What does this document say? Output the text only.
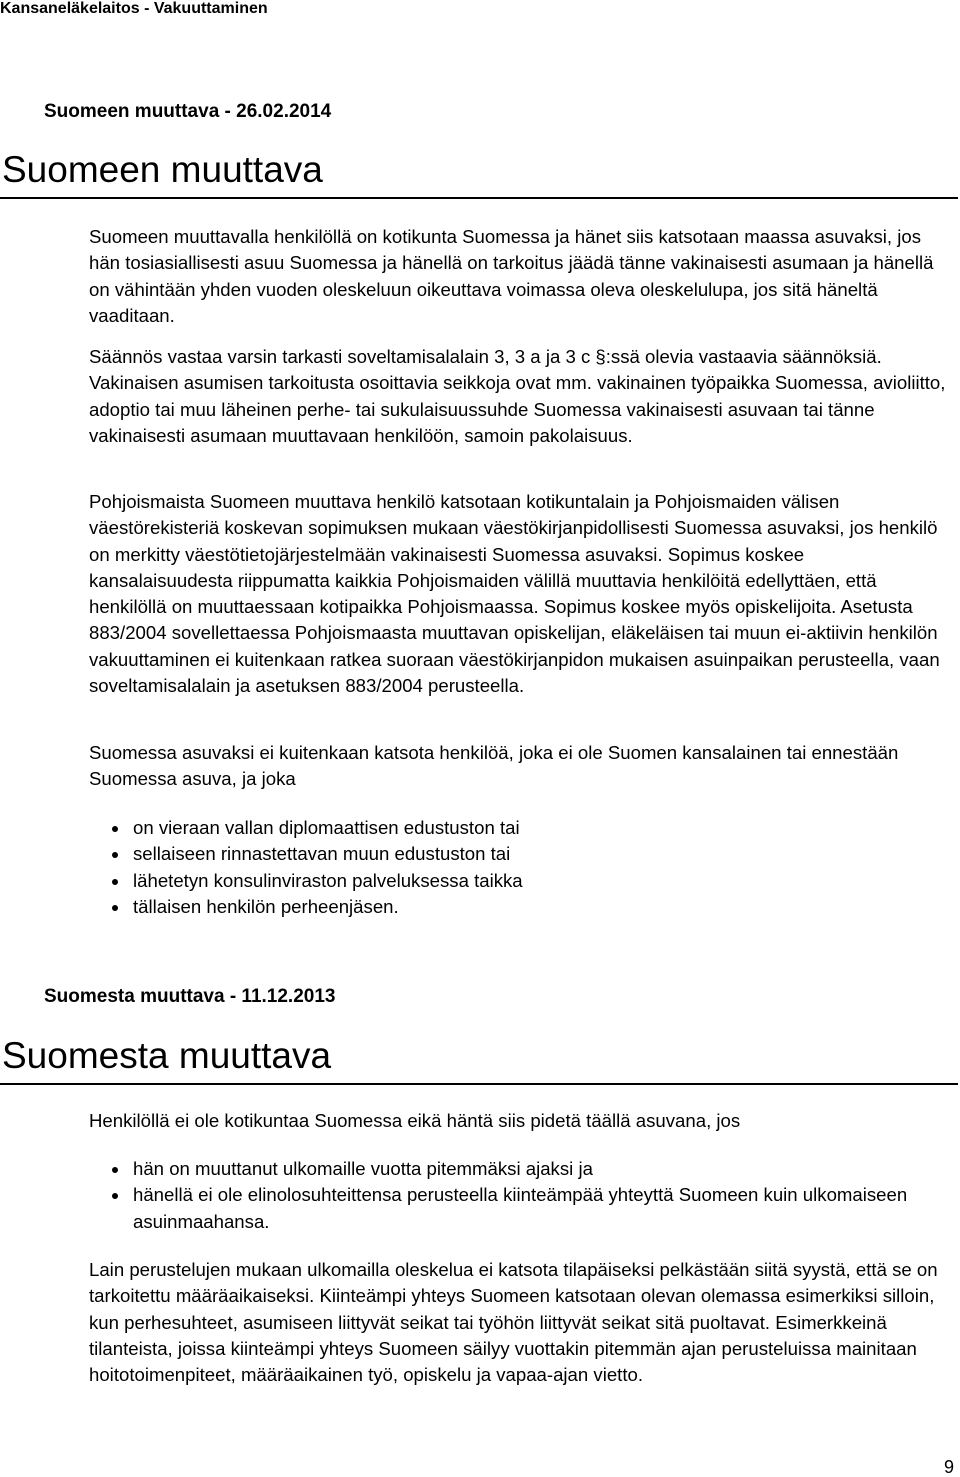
Kansaneläkelaitos - Vakuuttaminen
Suomeen muuttava - 26.02.2014
Suomeen muuttava

Suomeen muuttavalla henkilöllä on kotikunta Suomessa ja hänet siis katsotaan maassa asuvaksi, jos hän tosiasiallisesti asuu Suomessa ja hänellä on tarkoitus jäädä tänne vakinaisesti asumaan ja hänellä on vähintään yhden vuoden oleskeluun oikeuttava voimassa oleva oleskelulupa, jos sitä häneltä vaaditaan.

Säännös vastaa varsin tarkasti soveltamisalalain 3, 3 a ja 3 c §:ssä olevia vastaavia säännöksiä. Vakinaisen asumisen tarkoitusta osoittavia seikkoja ovat mm. vakinainen työpaikka Suomessa, avioliitto, adoptio tai muu läheinen perhe- tai sukulaisuussuhde Suomessa vakinaisesti asuvaan tai tänne vakinaisesti asumaan muuttavaan henkilöön, samoin pakolaisuus.

Pohjoismaista Suomeen muuttava henkilö katsotaan kotikuntalain ja Pohjoismaiden välisen väestörekisteriä koskevan sopimuksen mukaan väestökirjanpidollisesti Suomessa asuvaksi, jos henkilö on merkitty väestötietojärjestelmään vakinaisesti Suomessa asuvaksi. Sopimus koskee kansalaisuudesta riippumatta kaikkia Pohjoismaiden välillä muuttavia henkilöitä edellyttäen, että henkilöllä on muuttaessaan kotipaikka Pohjoismaassa. Sopimus koskee myös opiskelijoita. Asetusta 883/2004 sovellettaessa Pohjoismaasta muuttavan opiskelijan, eläkeläisen tai muun ei-aktiivin henkilön vakuuttaminen ei kuitenkaan ratkea suoraan väestökirjanpidon mukaisen asuinpaikan perusteella, vaan soveltamisalalain ja asetuksen 883/2004 perusteella.

Suomessa asuvaksi ei kuitenkaan katsota henkilöä, joka ei ole Suomen kansalainen tai ennestään Suomessa asuva, ja joka

on vieraan vallan diplomaattisen edustuston tai
sellaiseen rinnastettavan muun edustuston tai
lähetetyn konsulinviraston palveluksessa taikka
tällaisen henkilön perheenjäsen.
Suomesta muuttava - 11.12.2013
Suomesta muuttava

Henkilöllä ei ole kotikuntaa Suomessa eikä häntä siis pidetä täällä asuvana, jos

hän on muuttanut ulkomaille vuotta pitemmäksi ajaksi ja
hänellä ei ole elinolosuhteittensa perusteella kiinteämpää yhteyttä Suomeen kuin ulkomaiseen asuinmaahansa.

Lain perustelujen mukaan ulkomailla oleskelua ei katsota tilapäiseksi pelkästään siitä syystä, että se on tarkoitettu määräaikaiseksi. Kiinteämpi yhteys Suomeen katsotaan olevan olemassa esimerkiksi silloin, kun perhesuhteet, asumiseen liittyvät seikat tai työhön liittyvät seikat sitä puoltavat. Esimerkkeinä tilanteista, joissa kiinteämpi yhteys Suomeen säilyy vuottakin pitemmän ajan perusteluissa mainitaan hoitotoimenpiteet, määräaikainen työ, opiskelu ja vapaa-ajan vietto.

9
